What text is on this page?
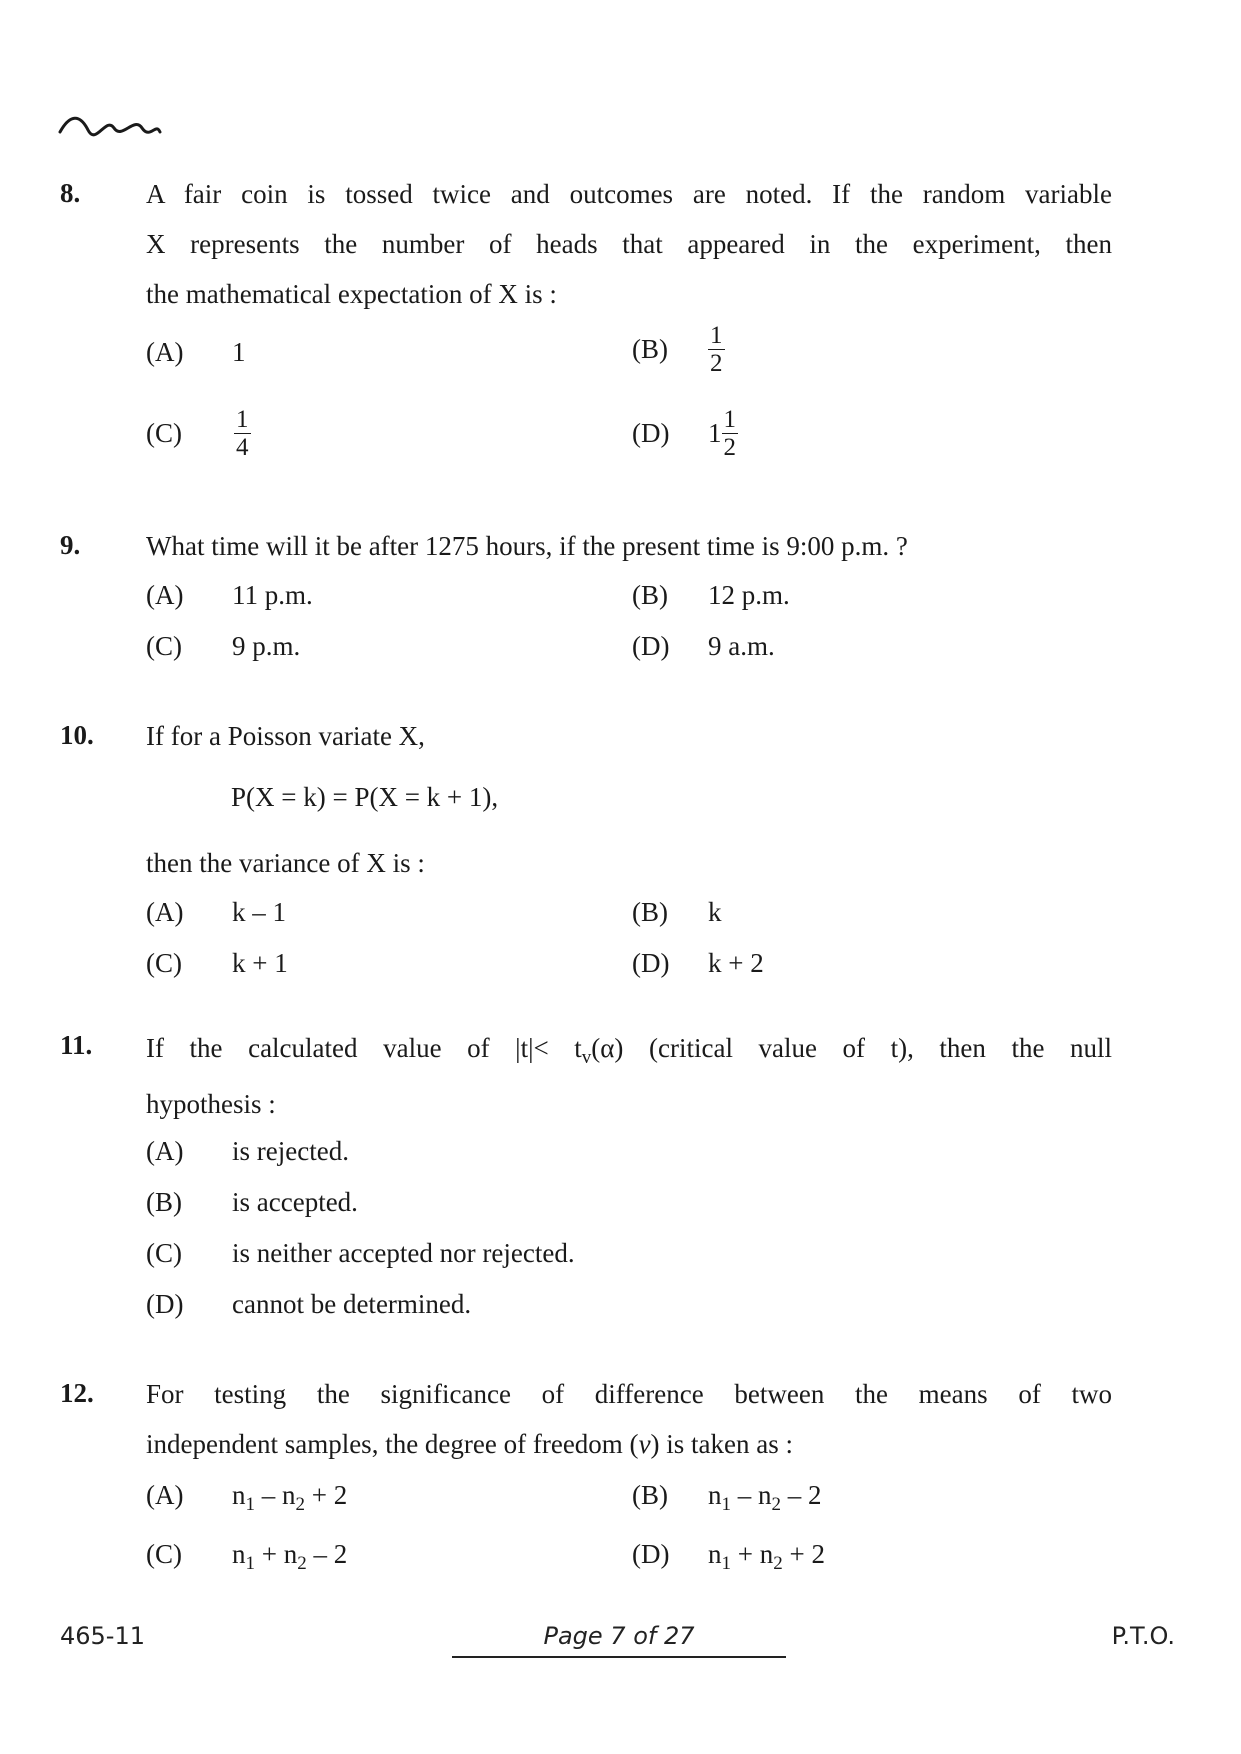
8. A fair coin is tossed twice and outcomes are noted. If the random variable
X represents the number of heads that appeared in the experiment, then
the mathematical expectation of X is :
(A) 1	$(B) \frac{1}{2}$
$(C) \frac{1}{4}$	(D) $1 \frac{1}{2}$
9. What time will it be after 1275 hours, if the present time is 9:00 p.m. ?
(A) 11 p.m.	(B) 12 p.m.
(C) 9 p.m.	(D) 9 a.m.
10. If for a Poisson variate X,
P(X = k) = P(X = k + 1),
then the variance of X is :
(A) k – 1	(B) k
(C) k + 1	(D) k + 2
11. If the calculated value of $|t|< t_v(\alpha)$ (critical value of t), then the null
hypothesis :
(A) is rejected.
(B) is accepted.
(C) is neither accepted nor rejected.
(D) cannot be determined.
12. For testing the significance of difference between the means of two
independent samples, the degree of freedom (v) is taken as :
(A) $n_1 - n_2 + 2$	(B) $n_1 - n_2 - 2$
(C) $n_1 + n_2 - 2$	(D) $n_1 + n_2 + 2$
465-11	Page 7 of 27	P.T.O.
